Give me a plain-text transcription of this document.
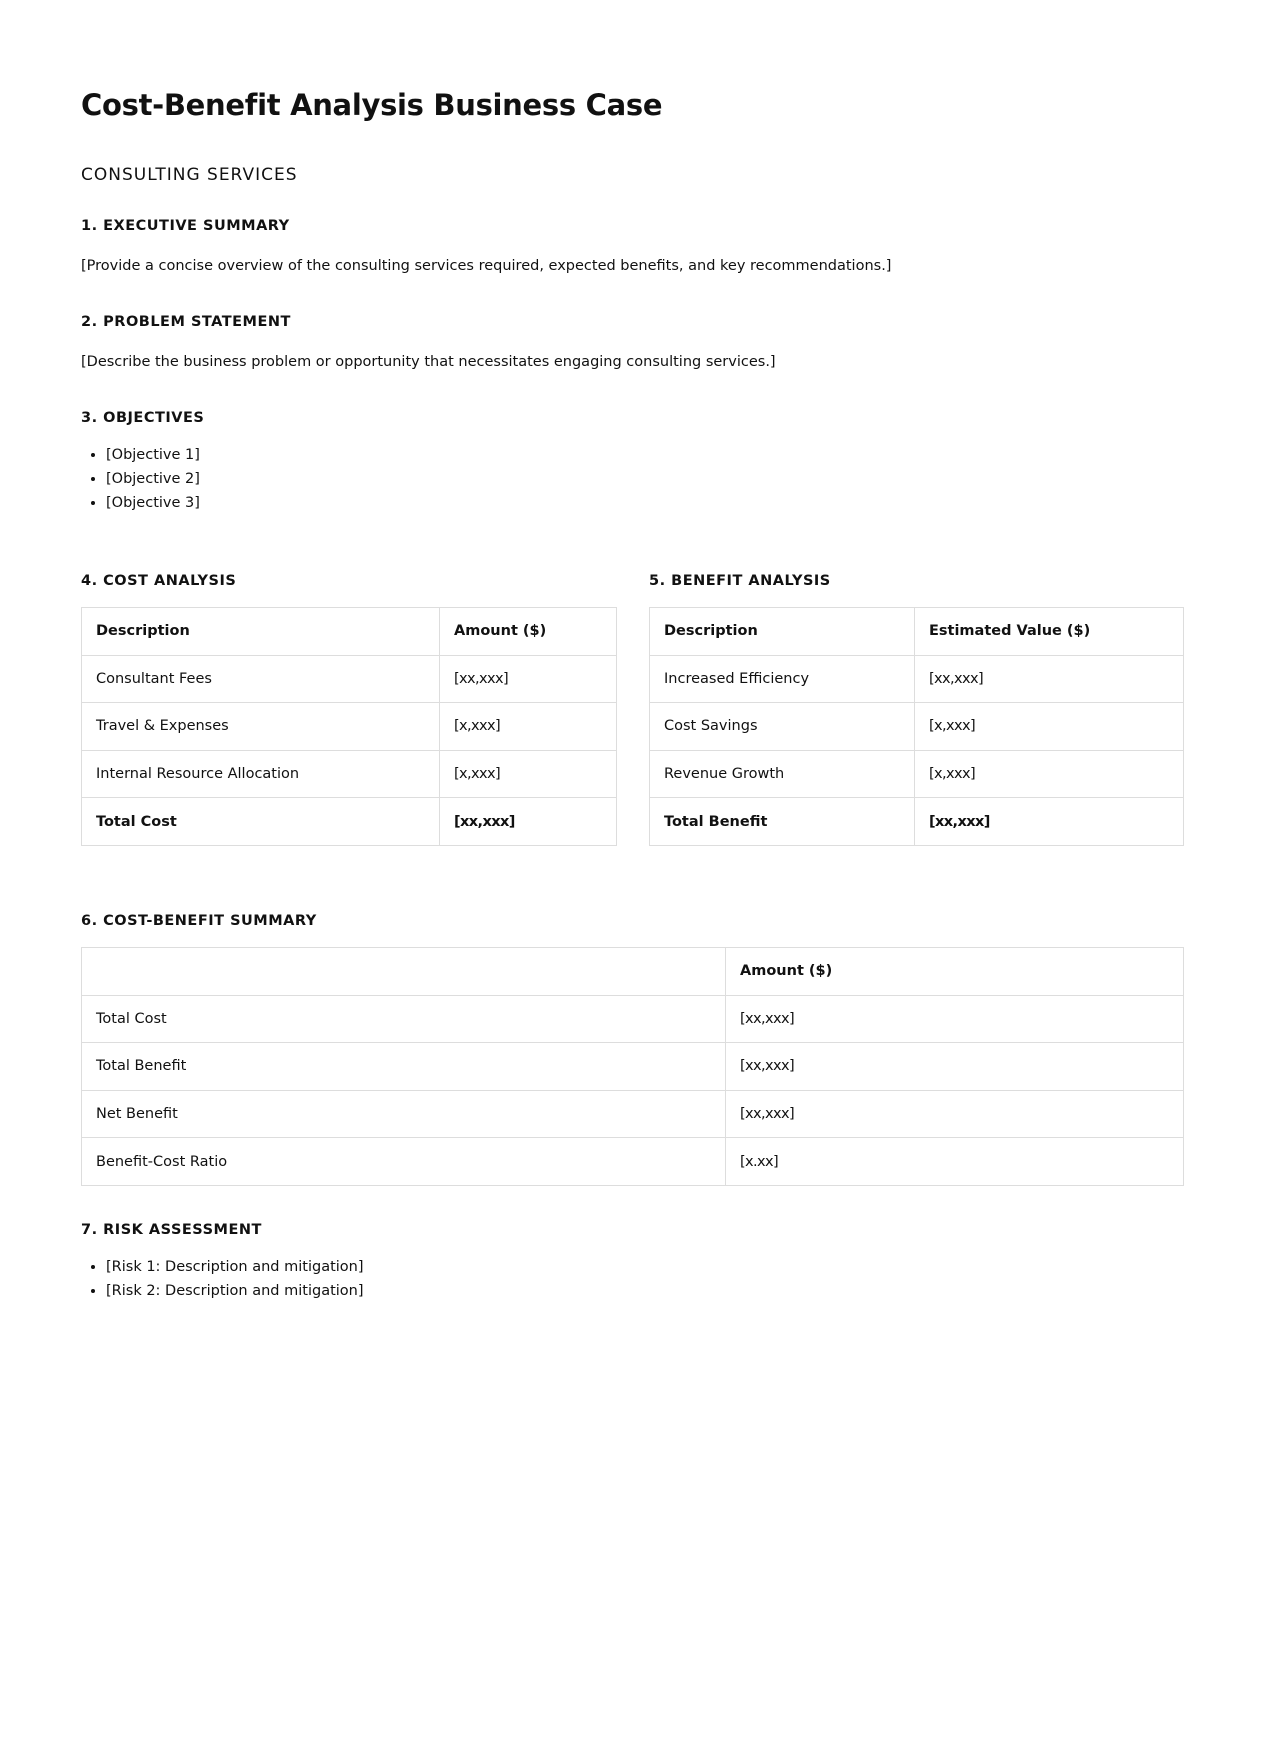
Cost-Benefit Analysis Business Case
CONSULTING SERVICES
1. EXECUTIVE SUMMARY

[Provide a concise overview of the consulting services required, expected benefits, and key recommendations.]

2. PROBLEM STATEMENT

[Describe the business problem or opportunity that necessitates engaging consulting services.]

3. OBJECTIVES
• [Objective 1]
• [Objective 2]
• [Objective 3]
4. COST ANALYSIS
Description	Amount ($)
Consultant Fees	[xx,xxx]
Travel & Expenses	[x,xxx]
Internal Resource Allocation	[x,xxx]
Total Cost	[xx,xxx]
5. BENEFIT ANALYSIS
Description	Estimated Value ($)
Increased Efficiency	[xx,xxx]
Cost Savings	[x,xxx]
Revenue Growth	[x,xxx]
Total Benefit	[xx,xxx]
6. COST-BENEFIT SUMMARY
	Amount ($)
Total Cost	[xx,xxx]
Total Benefit	[xx,xxx]
Net Benefit	[xx,xxx]
Benefit-Cost Ratio	[x.xx]
7. RISK ASSESSMENT
• [Risk 1: Description and mitigation]
• [Risk 2: Description and mitigation]
